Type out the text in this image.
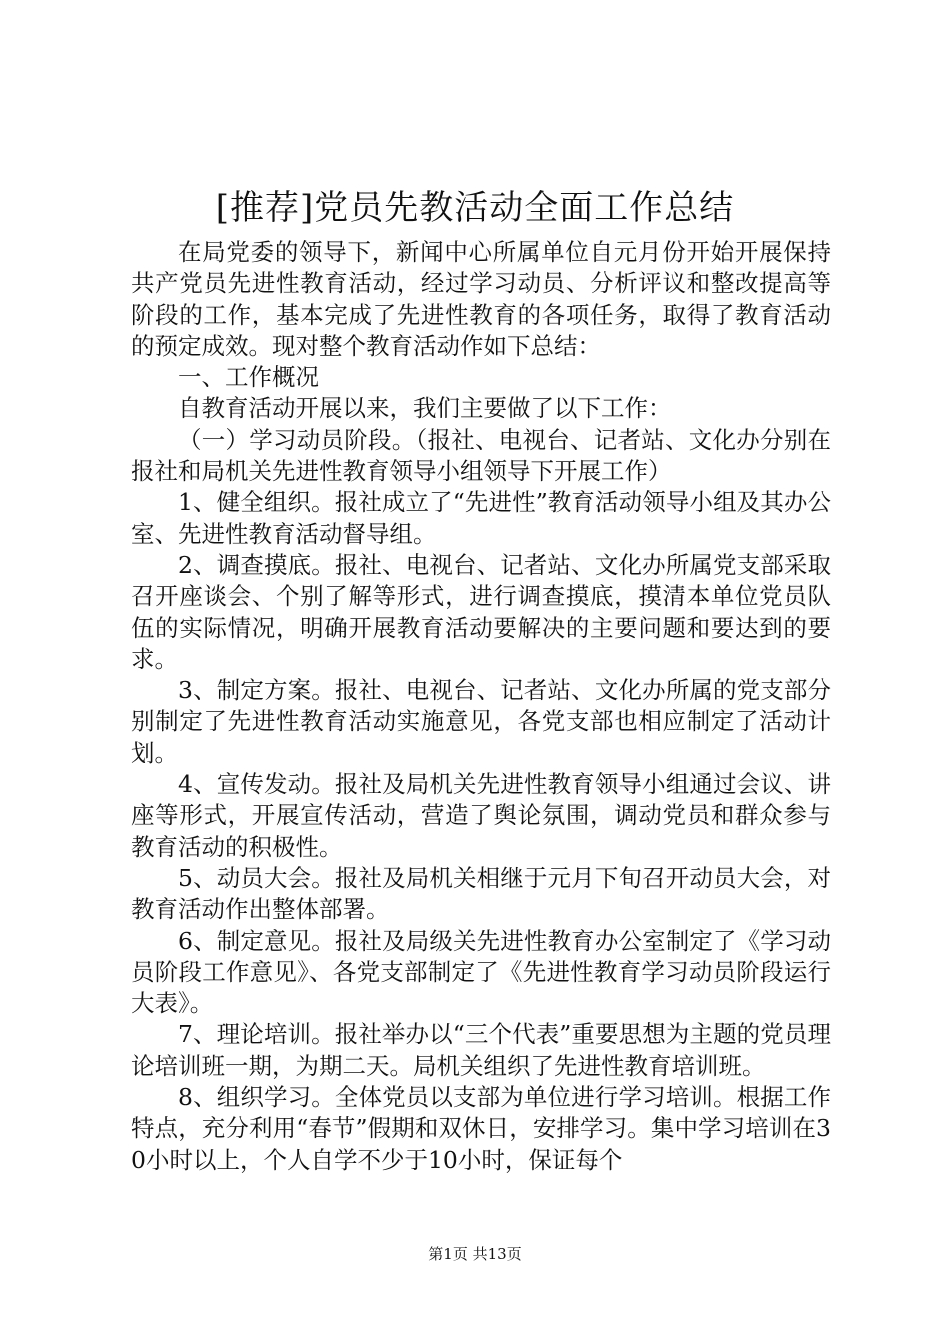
[推荐]党员先教活动全面工作总结

在局党委的领导下，新闻中心所属单位自元月份开始开展保持共产党员先进性教育活动，经过学习动员、分析评议和整改提高等阶段的工作，基本完成了先进性教育的各项任务，取得了教育活动的预定成效。现对整个教育活动作如下总结：

一、工作概况

自教育活动开展以来，我们主要做了以下工作：

（一）学习动员阶段。（报社、电视台、记者站、文化办分别在报社和局机关先进性教育领导小组领导下开展工作）

1、健全组织。报社成立了“先进性”教育活动领导小组及其办公室、先进性教育活动督导组。

2、调查摸底。报社、电视台、记者站、文化办所属党支部采取召开座谈会、个别了解等形式，进行调查摸底，摸清本单位党员队伍的实际情况，明确开展教育活动要解决的主要问题和要达到的要求。

3、制定方案。报社、电视台、记者站、文化办所属的党支部分别制定了先进性教育活动实施意见，各党支部也相应制定了活动计划。

4、宣传发动。报社及局机关先进性教育领导小组通过会议、讲座等形式，开展宣传活动，营造了舆论氛围，调动党员和群众参与教育活动的积极性。

5、动员大会。报社及局机关相继于元月下旬召开动员大会，对教育活动作出整体部署。

6、制定意见。报社及局级关先进性教育办公室制定了《学习动员阶段工作意见》、各党支部制定了《先进性教育学习动员阶段运行大表》。

7、理论培训。报社举办以“三个代表”重要思想为主题的党员理论培训班一期，为期二天。局机关组织了先进性教育培训班。

8、组织学习。全体党员以支部为单位进行学习培训。根据工作特点，充分利用“春节”假期和双休日，安排学习。集中学习培训在30小时以上，个人自学不少于10小时，保证每个

第1页 共13页
